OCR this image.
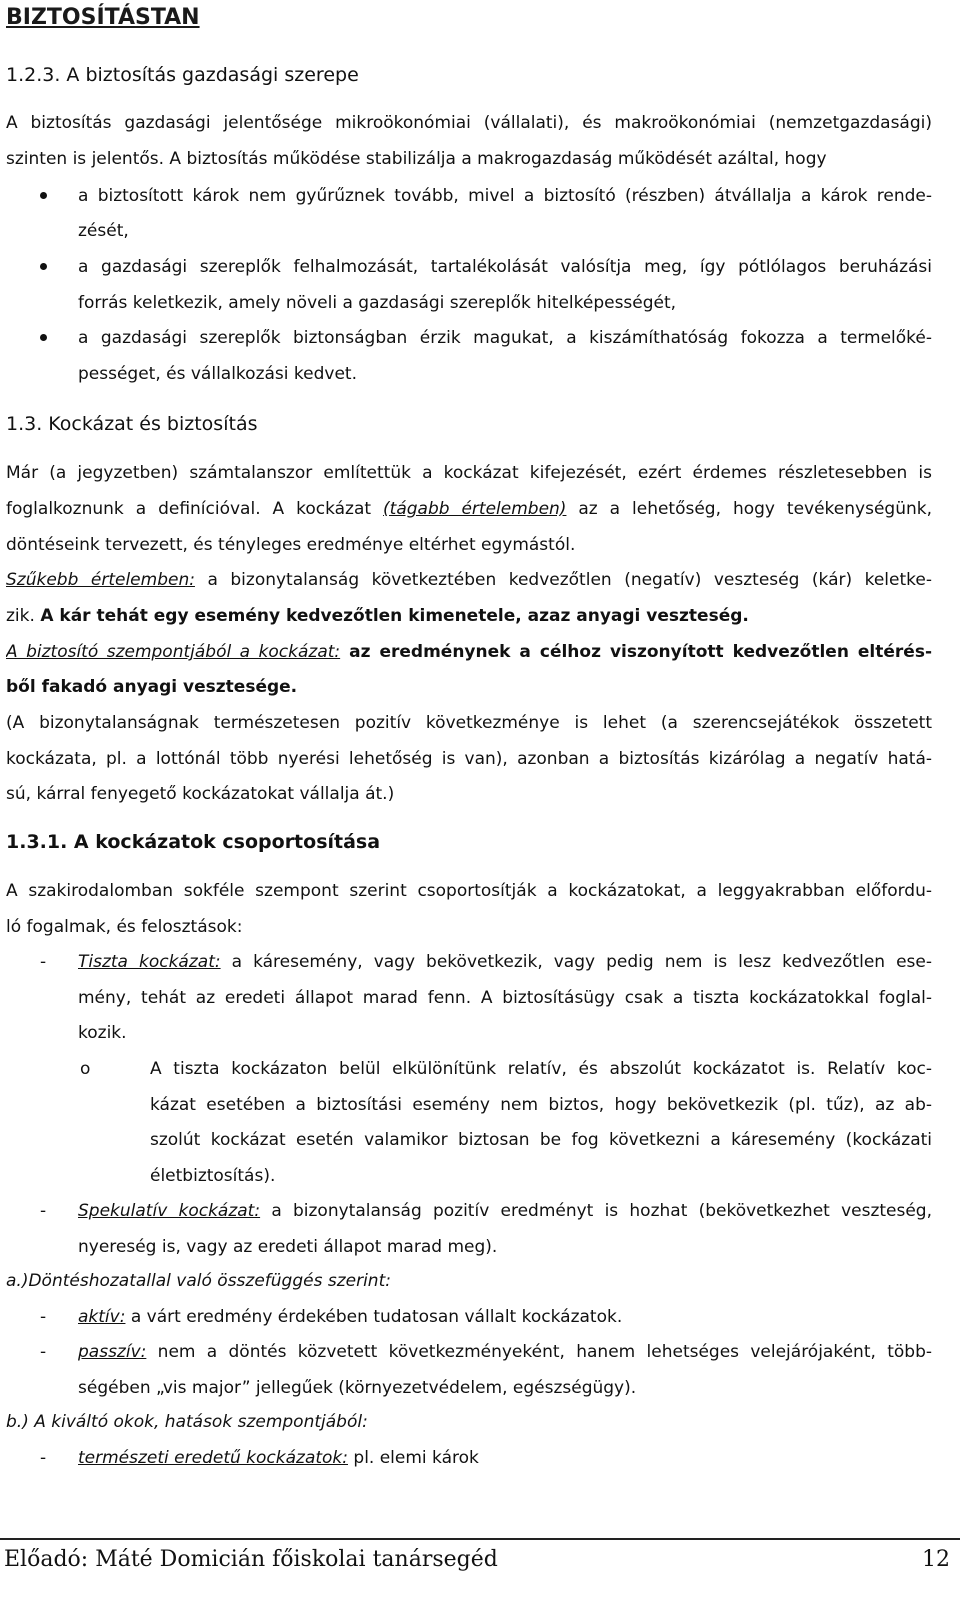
BIZTOSÍTÁSTAN
1.2.3. A biztosítás gazdasági szerepe
A biztosítás gazdasági jelentősége mikroökonómiai (vállalati), és makroökonómiai (nemzetgazdasági)
szinten is jelentős. A biztosítás működése stabilizálja a makrogazdaság működését azáltal, hogy
a biztosított károk nem gyűrűznek tovább, mivel a biztosító (részben) átvállalja a károk rende-
zését,
a gazdasági szereplők felhalmozását, tartalékolását valósítja meg, így pótlólagos beruházási
forrás keletkezik, amely növeli a gazdasági szereplők hitelképességét,
a gazdasági szereplők biztonságban érzik magukat, a kiszámíthatóság fokozza a termelőké-
pességet, és vállalkozási kedvet.
1.3. Kockázat és biztosítás
Már (a jegyzetben) számtalanszor említettük a kockázat kifejezését, ezért érdemes részletesebben is
foglalkoznunk a definícióval. A kockázat (tágabb értelemben) az a lehetőség, hogy tevékenységünk,
döntéseink tervezett, és tényleges eredménye eltérhet egymástól.
Szűkebb értelemben: a bizonytalanság következtében kedvezőtlen (negatív) veszteség (kár) keletke-
zik. A kár tehát egy esemény kedvezőtlen kimenetele, azaz anyagi veszteség.
A biztosító szempontjából a kockázat: az eredménynek a célhoz viszonyított kedvezőtlen eltérés-
ből fakadó anyagi vesztesége.
(A bizonytalanságnak természetesen pozitív következménye is lehet (a szerencsejátékok összetett
kockázata, pl. a lottónál több nyerési lehetőség is van), azonban a biztosítás kizárólag a negatív hatá-
sú, kárral fenyegető kockázatokat vállalja át.)
1.3.1. A kockázatok csoportosítása
A szakirodalomban sokféle szempont szerint csoportosítják a kockázatokat, a leggyakrabban előfordu-
ló fogalmak, és felosztások:
- Tiszta kockázat: a káresemény, vagy bekövetkezik, vagy pedig nem is lesz kedvezőtlen ese-
mény, tehát az eredeti állapot marad fenn. A biztosításügy csak a tiszta kockázatokkal foglal-
kozik.
o	A tiszta kockázaton belül elkülönítünk relatív, és abszolút kockázatot is. Relatív koc-
kázat esetében a biztosítási esemény nem biztos, hogy bekövetkezik (pl. tűz), az ab-
szolút kockázat esetén valamikor biztosan be fog következni a káresemény (kockázati
életbiztosítás).
- Spekulatív kockázat: a bizonytalanság pozitív eredményt is hozhat (bekövetkezhet veszteség,
nyereség is, vagy az eredeti állapot marad meg).
a.)Döntéshozatallal való összefüggés szerint:
- aktív: a várt eredmény érdekében tudatosan vállalt kockázatok.
- passzív: nem a döntés közvetett következményeként, hanem lehetséges velejárójaként, több-
ségében „vis major” jellegűek (környezetvédelem, egészségügy).
b.) A kiváltó okok, hatások szempontjából:
- természeti eredetű kockázatok: pl. elemi károk
Előadó: Máté Domicián főiskolai tanársegéd	12
